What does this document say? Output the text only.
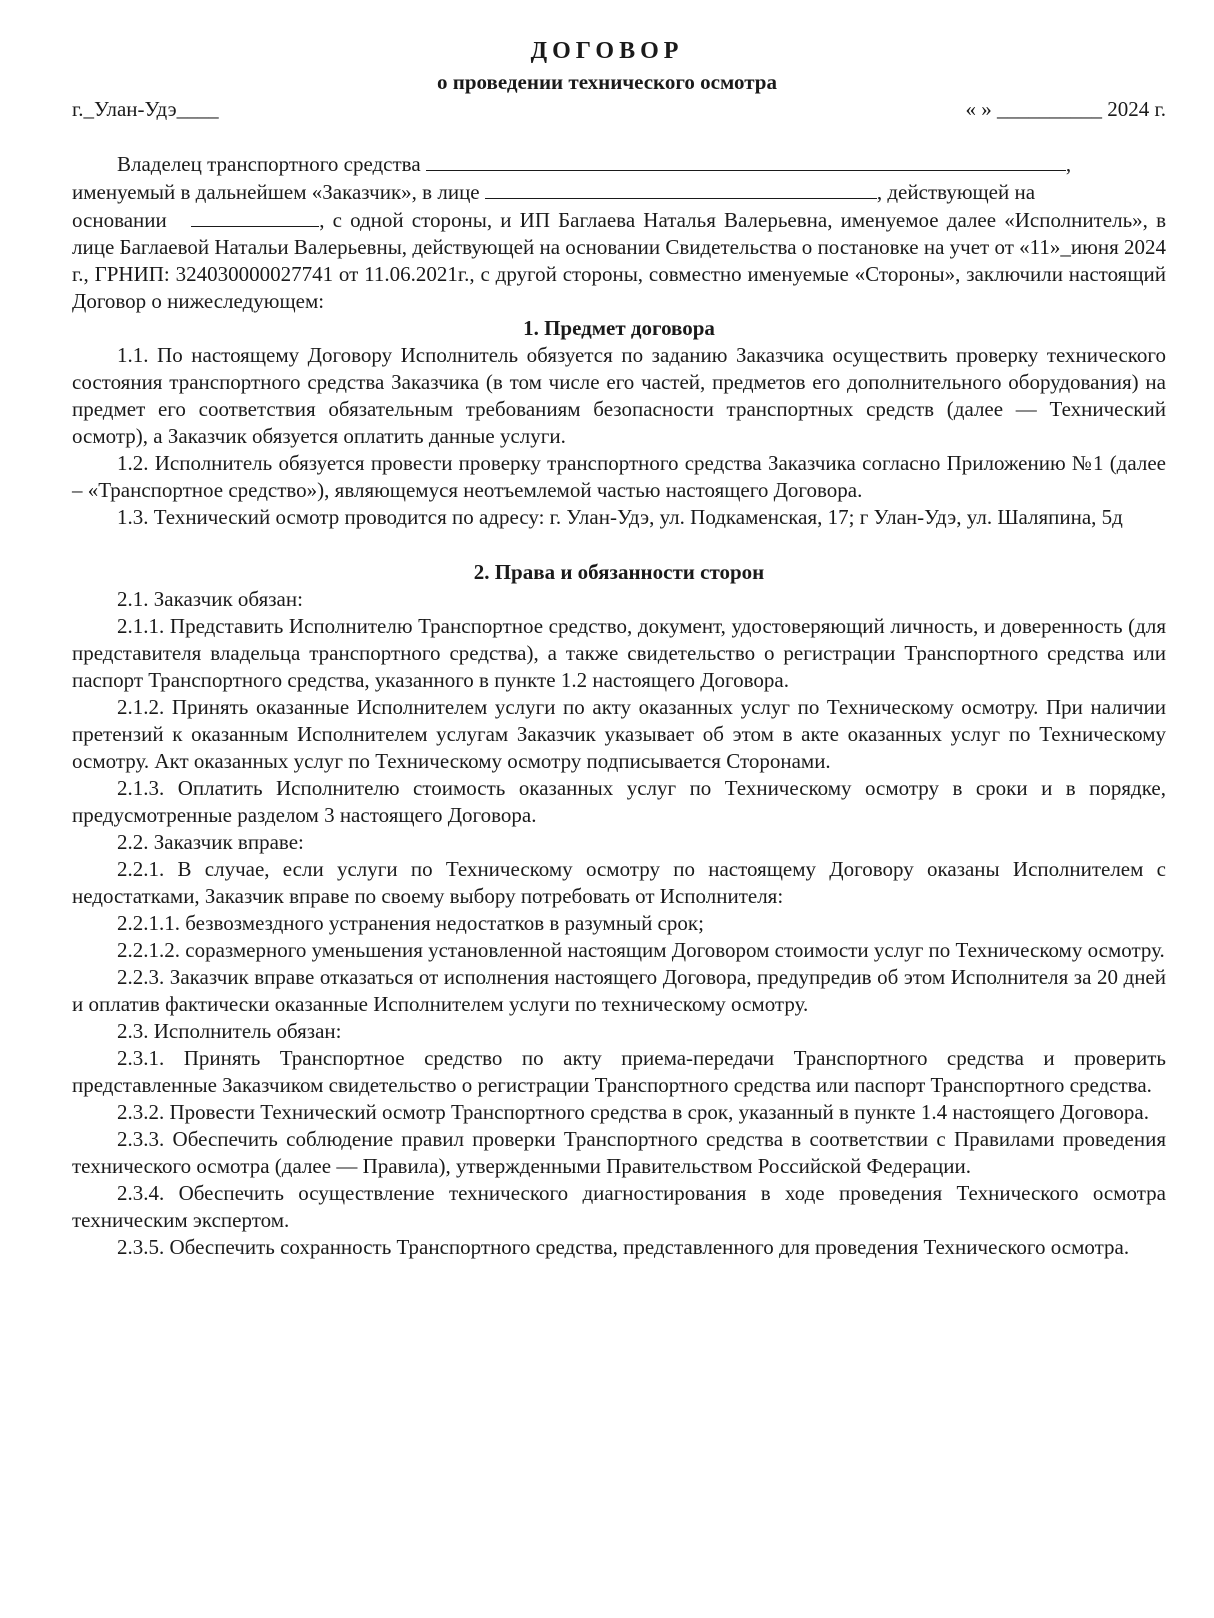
ДОГОВОР
о проведении технического осмотра
г._Улан-Удэ____	« » __________ 2024 г.

Владелец транспортного средства	,

именуемый в дальнейшем «Заказчик», в лице	, действующей на

основании	, с одной стороны, и ИП Баглаева Наталья Валерьевна, именуемое далее «Исполнитель», в лице Баглаевой Натальи Валерьевны, действующей на основании Свидетельства о постановке на учет от «11»_июня 2024 г., ГРНИП: 324030000027741 от 11.06.2021г., с другой стороны, совместно именуемые «Стороны», заключили настоящий Договор о нижеследующем:

1. Предмет договора

1.1. По настоящему Договору Исполнитель обязуется по заданию Заказчика осуществить проверку технического состояния транспортного средства Заказчика (в том числе его частей, предметов его дополнительного оборудования) на предмет его соответствия обязательным требованиям безопасности транспортных средств (далее — Технический осмотр), а Заказчик обязуется оплатить данные услуги.

1.2. Исполнитель обязуется провести проверку транспортного средства Заказчика согласно Приложению №1 (далее – «Транспортное средство»), являющемуся неотъемлемой частью настоящего Договора.

1.3. Технический осмотр проводится по адресу: г. Улан-Удэ, ул. Подкаменская, 17; г Улан-Удэ, ул. Шаляпина, 5д

2. Права и обязанности сторон

2.1. Заказчик обязан:

2.1.1. Представить Исполнителю Транспортное средство, документ, удостоверяющий личность, и доверенность (для представителя владельца транспортного средства), а также свидетельство о регистрации Транспортного средства или паспорт Транспортного средства, указанного в пункте 1.2 настоящего Договора.

2.1.2. Принять оказанные Исполнителем услуги по акту оказанных услуг по Техническому осмотру. При наличии претензий к оказанным Исполнителем услугам Заказчик указывает об этом в акте оказанных услуг по Техническому осмотру. Акт оказанных услуг по Техническому осмотру подписывается Сторонами.

2.1.3. Оплатить Исполнителю стоимость оказанных услуг по Техническому осмотру в сроки и в порядке, предусмотренные разделом 3 настоящего Договора.

2.2. Заказчик вправе:

2.2.1. В случае, если услуги по Техническому осмотру по настоящему Договору оказаны Исполнителем с недостатками, Заказчик вправе по своему выбору потребовать от Исполнителя:

2.2.1.1. безвозмездного устранения недостатков в разумный срок;

2.2.1.2. соразмерного уменьшения установленной настоящим Договором стоимости услуг по Техническому осмотру.

2.2.3. Заказчик вправе отказаться от исполнения настоящего Договора, предупредив об этом Исполнителя за 20 дней и оплатив фактически оказанные Исполнителем услуги по техническому осмотру.

2.3. Исполнитель обязан:

2.3.1. Принять Транспортное средство по акту приема-передачи Транспортного средства и проверить представленные Заказчиком свидетельство о регистрации Транспортного средства или паспорт Транспортного средства.

2.3.2. Провести Технический осмотр Транспортного средства в срок, указанный в пункте 1.4 настоящего Договора.

2.3.3. Обеспечить соблюдение правил проверки Транспортного средства в соответствии с Правилами проведения технического осмотра (далее — Правила), утвержденными Правительством Российской Федерации.

2.3.4. Обеспечить осуществление технического диагностирования в ходе проведения Технического осмотра техническим экспертом.

2.3.5. Обеспечить сохранность Транспортного средства, представленного для проведения Технического осмотра.
